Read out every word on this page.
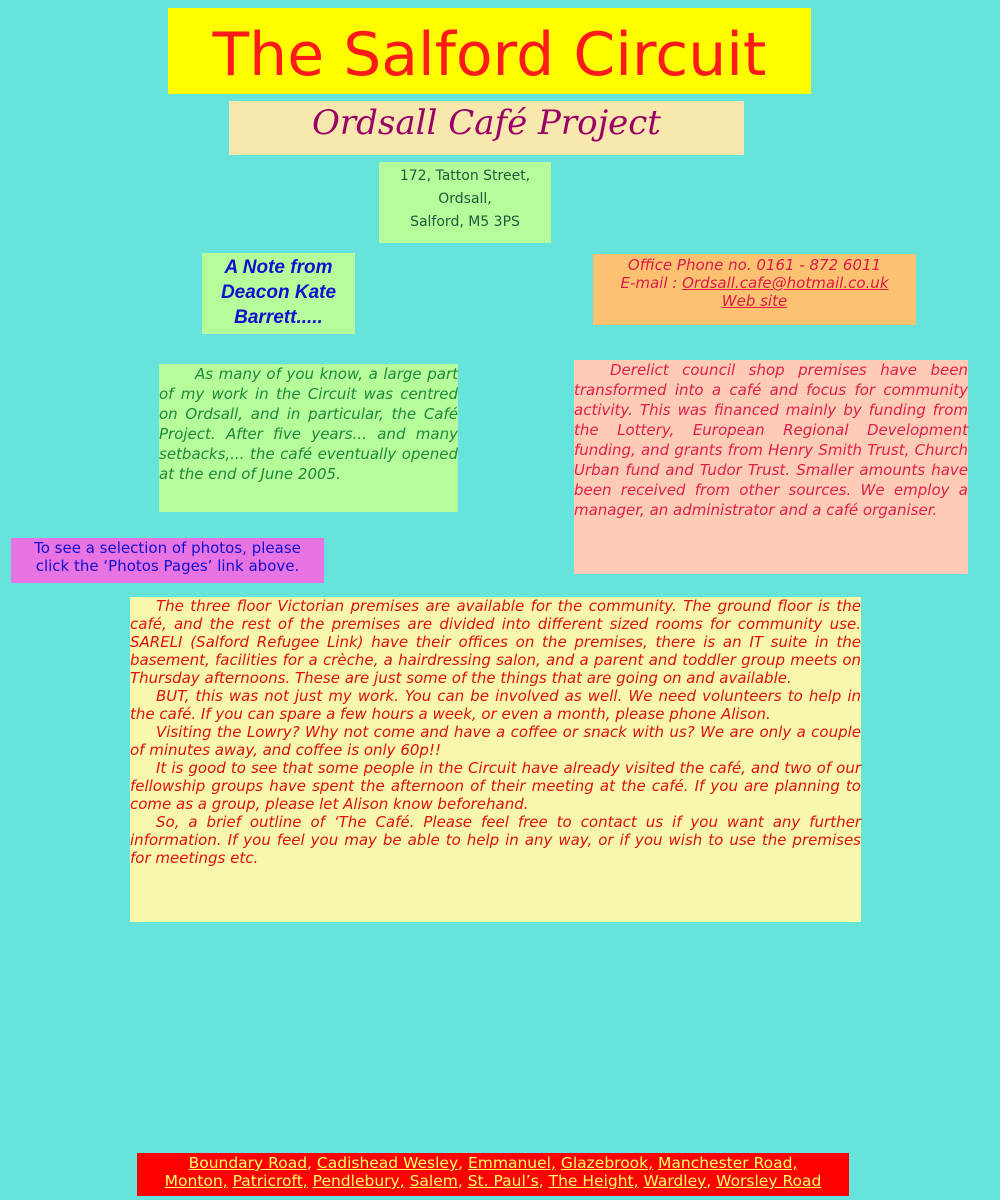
The Salford Circuit
Ordsall Café Project
172, Tatton Street,
Ordsall,
Salford, M5 3PS
A Note from Deacon Kate Barrett.....
Office Phone no. 0161 - 872 6011
E-mail : Ordsall.cafe@hotmail.co.uk
Web site

As many of you know, a large part of my work in the Circuit was centred on Ordsall, and in particular, the Café Project. After five years... and many setbacks,... the café eventually opened at the end of June 2005.

Derelict council shop premises have been transformed into a café and focus for community activity. This was financed mainly by funding from the Lottery, European Regional Development funding, and grants from Henry Smith Trust, Church Urban fund and Tudor Trust. Smaller amounts have been received from other sources. We employ a manager, an administrator and a café organiser.

To see a selection of photos, please
click the ‘Photos Pages’ link above.

The three floor Victorian premises are available for the community. The ground floor is the café, and the rest of the premises are divided into different sized rooms for community use. SARELI (Salford Refugee Link) have their offices on the premises, there is an IT suite in the basement, facilities for a crèche, a hairdressing salon, and a parent and toddler group meets on Thursday afternoons. These are just some of the things that are going on and available.

BUT, this was not just my work. You can be involved as well. We need volunteers to help in the café. If you can spare a few hours a week, or even a month, please phone Alison.

Visiting the Lowry? Why not come and have a coffee or snack with us? We are only a couple of minutes away, and coffee is only 60p!!

It is good to see that some people in the Circuit have already visited the café, and two of our fellowship groups have spent the afternoon of their meeting at the café. If you are planning to come as a group, please let Alison know beforehand.

So, a brief outline of ‘The Café. Please feel free to contact us if you want any further information. If you feel you may be able to help in any way, or if you wish to use the premises for meetings etc.

Boundary Road, Cadishead Wesley, Emmanuel, Glazebrook, Manchester Road,
Monton, Patricroft, Pendlebury, Salem, St. Paul’s, The Height, Wardley, Worsley Road
